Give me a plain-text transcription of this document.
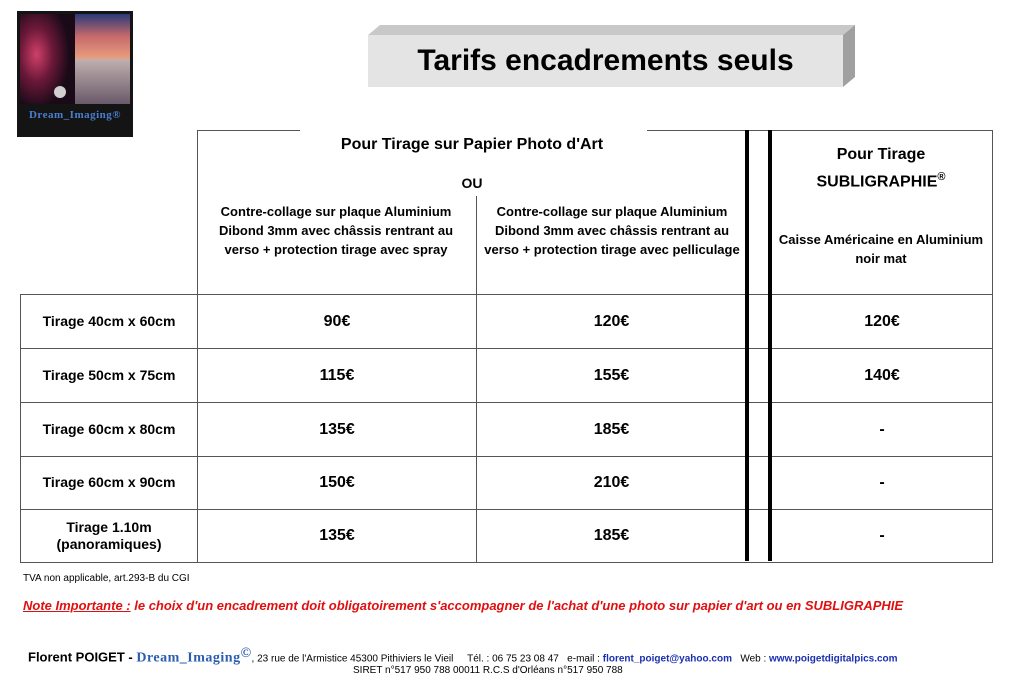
Dream_Imaging®
Tarifs encadrements seuls
Pour Tirage sur Papier Photo d'Art
OU
Contre-collage sur plaque Aluminium Dibond 3mm avec châssis rentrant au verso + protection tirage avec spray
Contre-collage sur plaque Aluminium Dibond 3mm avec châssis rentrant au verso + protection tirage avec pelliculage
Pour Tirage
SUBLIGRAPHIE®
Caisse Américaine en Aluminium noir mat
Tirage 40cm x 60cm	90€	120€	120€
Tirage 50cm x 75cm	115€	155€	140€
Tirage 60cm x 80cm	135€	185€	-
Tirage 60cm x 90cm	150€	210€	-
Tirage 1.10m (panoramiques)	135€	185€	-
TVA non applicable, art.293-B du CGI
Note Importante : le choix d'un encadrement doit obligatoirement s'accompagner de l'achat d'une photo sur papier d'art ou en SUBLIGRAPHIE
Florent POIGET - Dream_Imaging©, 23 rue de l'Armistice 45300 Pithiviers le Vieil Tél. : 06 75 23 08 47 e-mail : florent_poiget@yahoo.com Web : www.poigetdigitalpics.com
SIRET n°517 950 788 00011 R.C.S d'Orléans n°517 950 788
